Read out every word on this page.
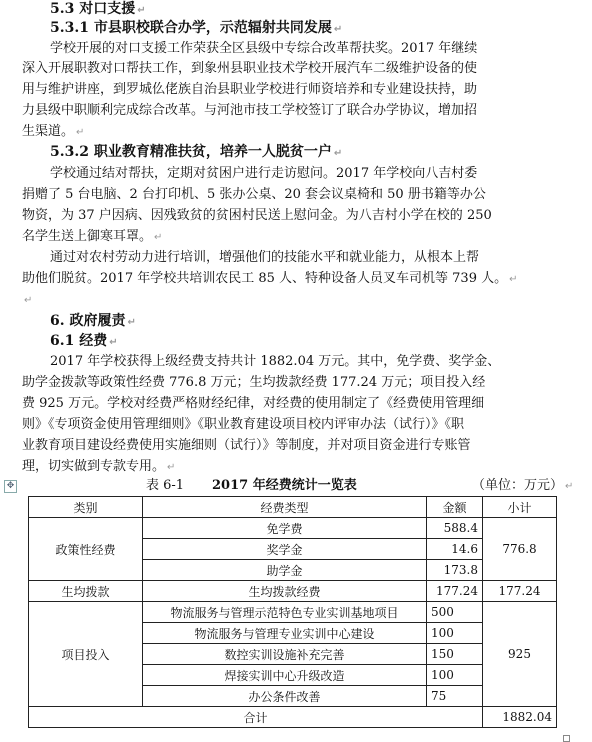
5.3 对口支援 ↵
5.3.1 市县职校联合办学，示范辐射共同发展 ↵
学校开展的对口支援工作荣获全区县级中专综合改革帮扶奖。2017 年继续
深入开展职教对口帮扶工作，到象州县职业技术学校开展汽车二级维护设备的使
用与维护讲座，到罗城仫佬族自治县职业学校进行师资培养和专业建设扶持，助
力县级中职顺利完成综合改革。与河池市技工学校签订了联合办学协议，增加招
生渠道。 ↵
5.3.2 职业教育精准扶贫，培养一人脱贫一户 ↵
学校通过结对帮扶，定期对贫困户进行走访慰问。2017 年学校向八吉村委
捐赠了 5 台电脑、2 台打印机、5 张办公桌、20 套会议桌椅和 50 册书籍等办公
物资，为 37 户因病、因残致贫的贫困村民送上慰问金。为八吉村小学在校的 250
名学生送上御寒耳罩。 ↵
通过对农村劳动力进行培训，增强他们的技能水平和就业能力，从根本上帮
助他们脱贫。2017 年学校共培训农民工 85 人、特种设备人员叉车司机等 739 人。 ↵
↵
6. 政府履责 ↵
6.1 经费 ↵
2017 年学校获得上级经费支持共计 1882.04 万元。其中，免学费、奖学金、
助学金拨款等政策性经费 776.8 万元；生均拨款经费 177.24 万元；项目投入经
费 925 万元。学校对经费严格财经纪律，对经费的使用制定了《经费使用管理细
则》《专项资金使用管理细则》《职业教育建设项目校内评审办法（试行）》《职
业教育项目建设经费使用实施细则（试行）》等制度，并对项目资金进行专账管
理，切实做到专款专用。 ↵
✥	表 6-1 2017 年经费统计一览表	（单位：万元） ↵
类别	经费类型	金额	小计
政策性经费	免学费	588.4	776.8
	奖学金	14.6	
	助学金	173.8	
生均拨款	生均拨款经费	177.24	177.24
项目投入	物流服务与管理示范特色专业实训基地项目	500	925
	物流服务与管理专业实训中心建设	100	
	数控实训设施补充完善	150	
	焊接实训中心升级改造	100	
	办公条件改善	75	
合计			1882.04
